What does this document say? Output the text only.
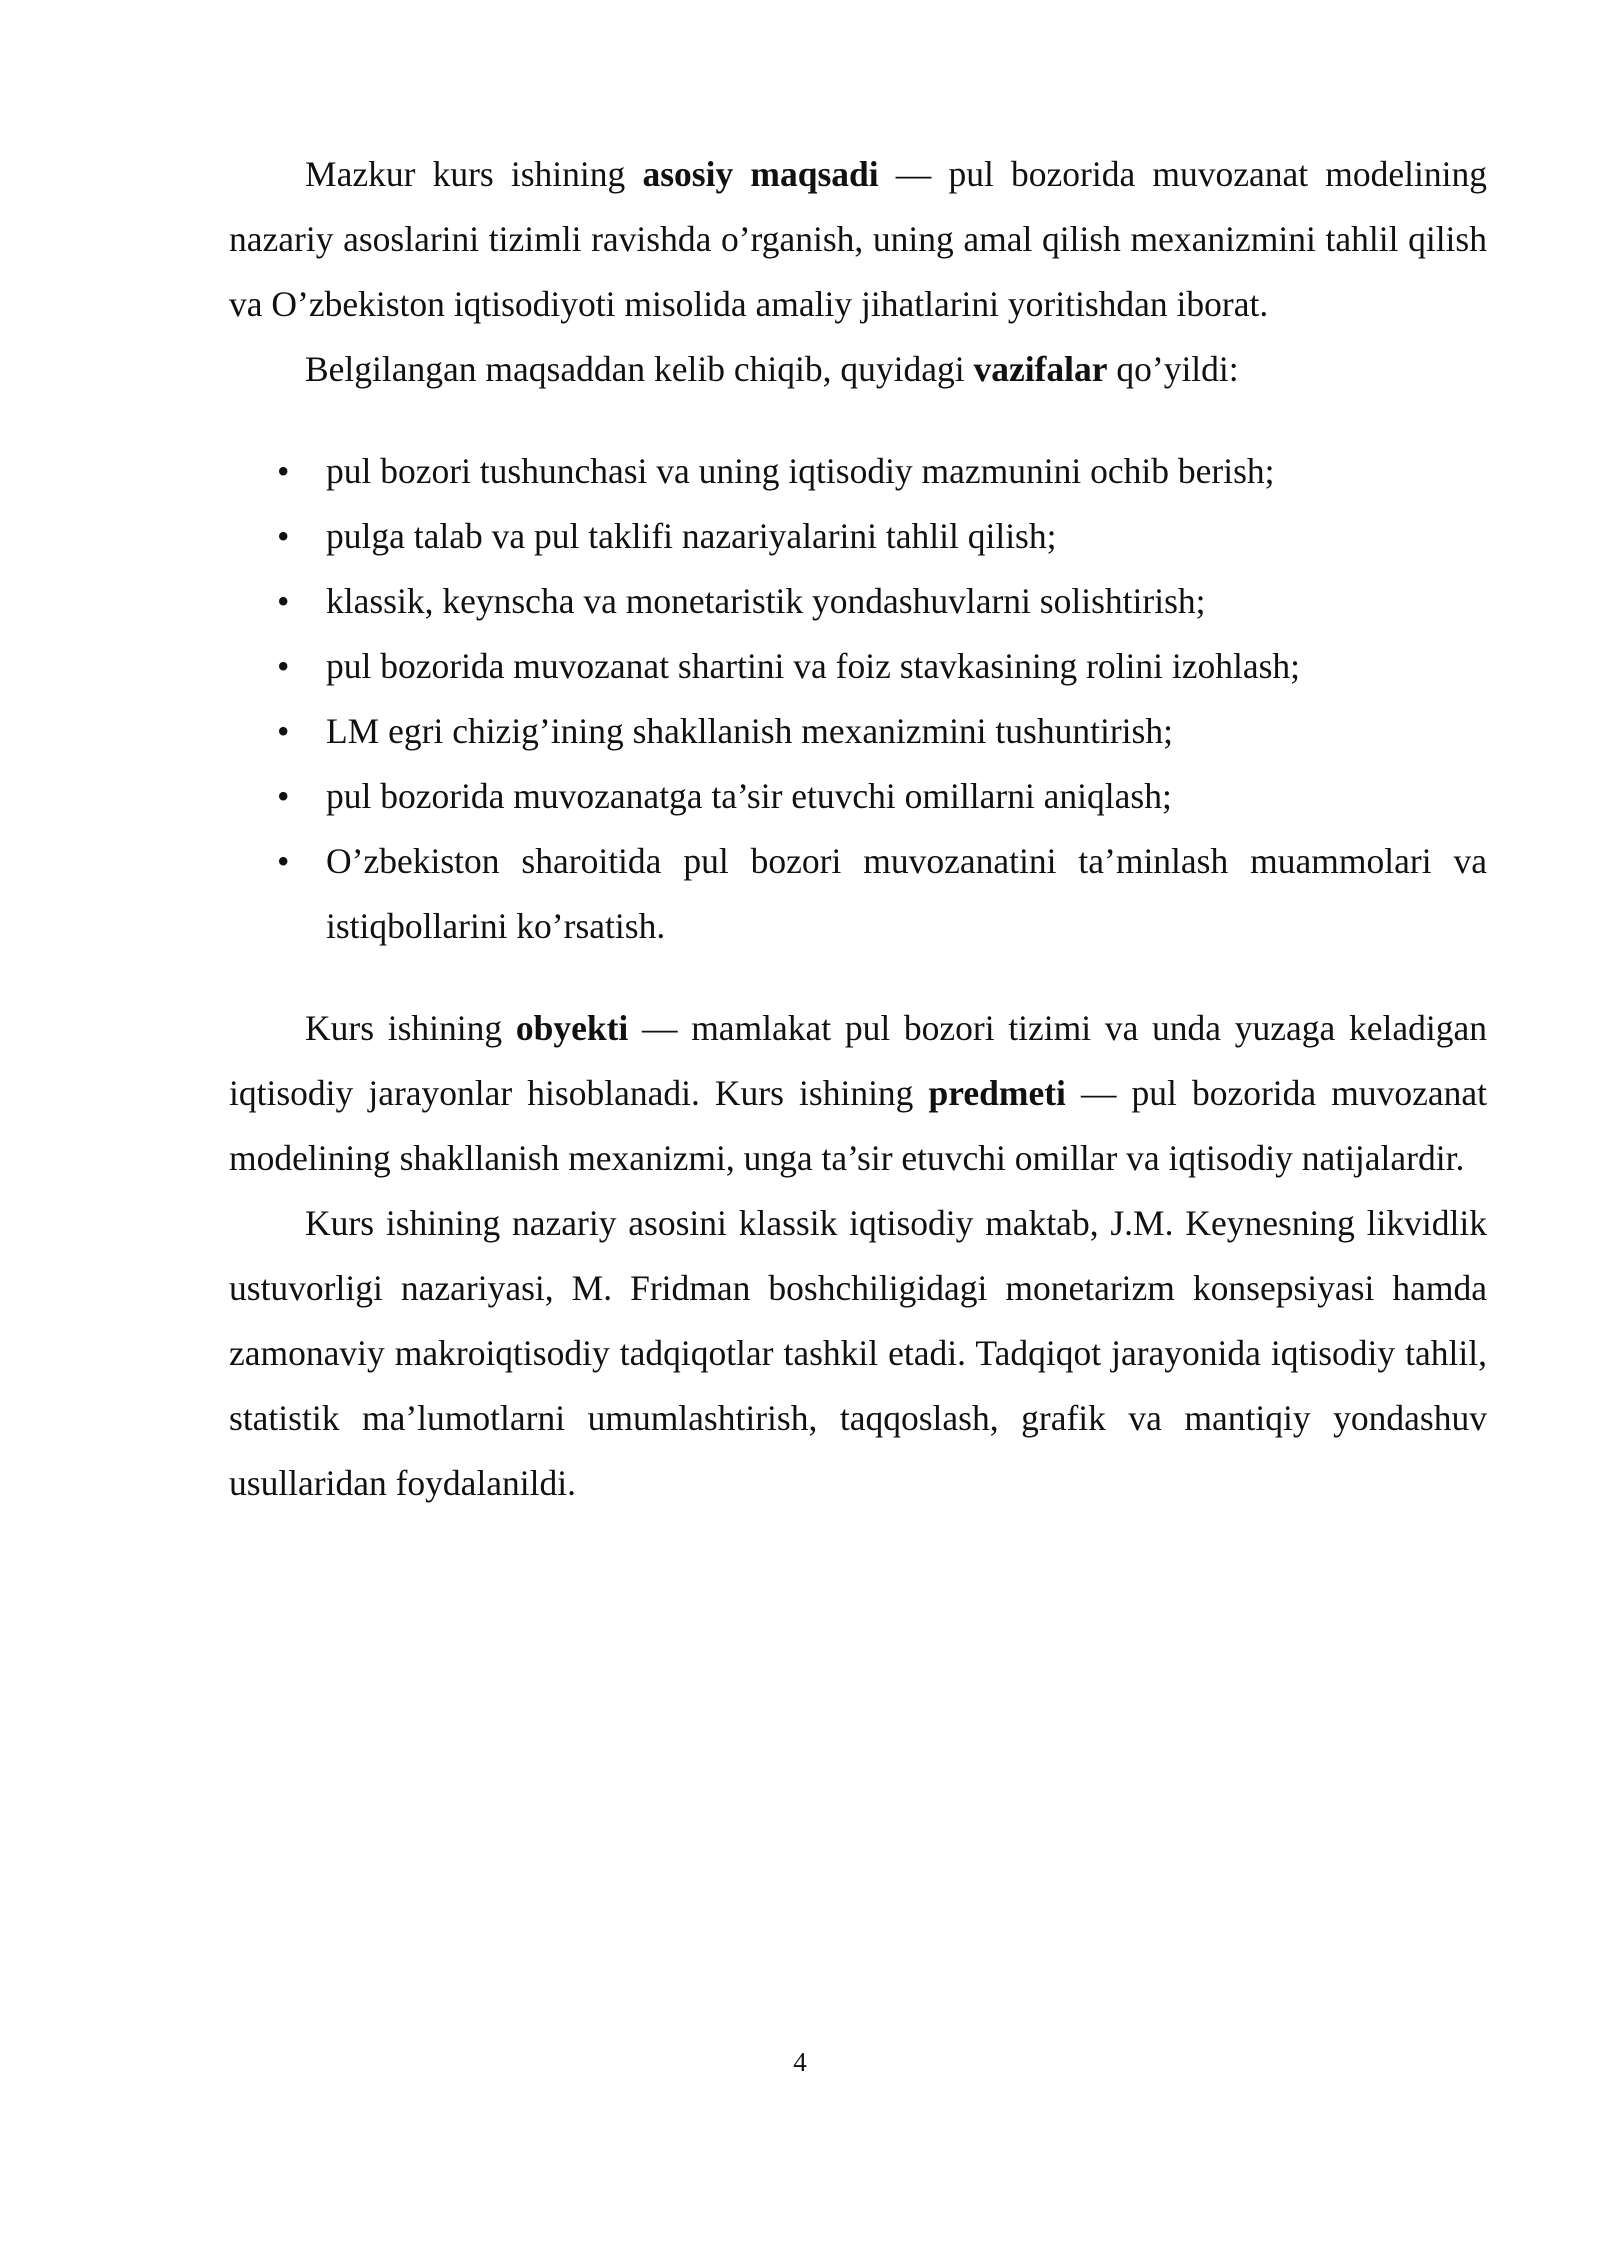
Mazkur kurs ishining asosiy maqsadi — pul bozorida muvozanat modelining nazariy asoslarini tizimli ravishda o’rganish, uning amal qilish mexanizmini tahlil qilish va O’zbekiston iqtisodiyoti misolida amaliy jihatlarini yoritishdan iborat.

Belgilangan maqsaddan kelib chiqib, quyidagi vazifalar qo’yildi:

•	pul bozori tushunchasi va uning iqtisodiy mazmunini ochib berish;
•	pulga talab va pul taklifi nazariyalarini tahlil qilish;
•	klassik, keynscha va monetaristik yondashuvlarni solishtirish;
•	pul bozorida muvozanat shartini va foiz stavkasining rolini izohlash;
•	LM egri chizig’ining shakllanish mexanizmini tushuntirish;
•	pul bozorida muvozanatga ta’sir etuvchi omillarni aniqlash;
•	O’zbekiston sharoitida pul bozori muvozanatini ta’minlash muammolari va istiqbollarini ko’rsatish.

Kurs ishining obyekti — mamlakat pul bozori tizimi va unda yuzaga keladigan iqtisodiy jarayonlar hisoblanadi. Kurs ishining predmeti — pul bozorida muvozanat modelining shakllanish mexanizmi, unga ta’sir etuvchi omillar va iqtisodiy natijalardir.

Kurs ishining nazariy asosini klassik iqtisodiy maktab, J.M. Keynesning likvidlik ustuvorligi nazariyasi, M. Fridman boshchiligidagi monetarizm konsepsiyasi hamda zamonaviy makroiqtisodiy tadqiqotlar tashkil etadi. Tadqiqot jarayonida iqtisodiy tahlil, statistik ma’lumotlarni umumlashtirish, taqqoslash, grafik va mantiqiy yondashuv usullaridan foydalanildi.

4
